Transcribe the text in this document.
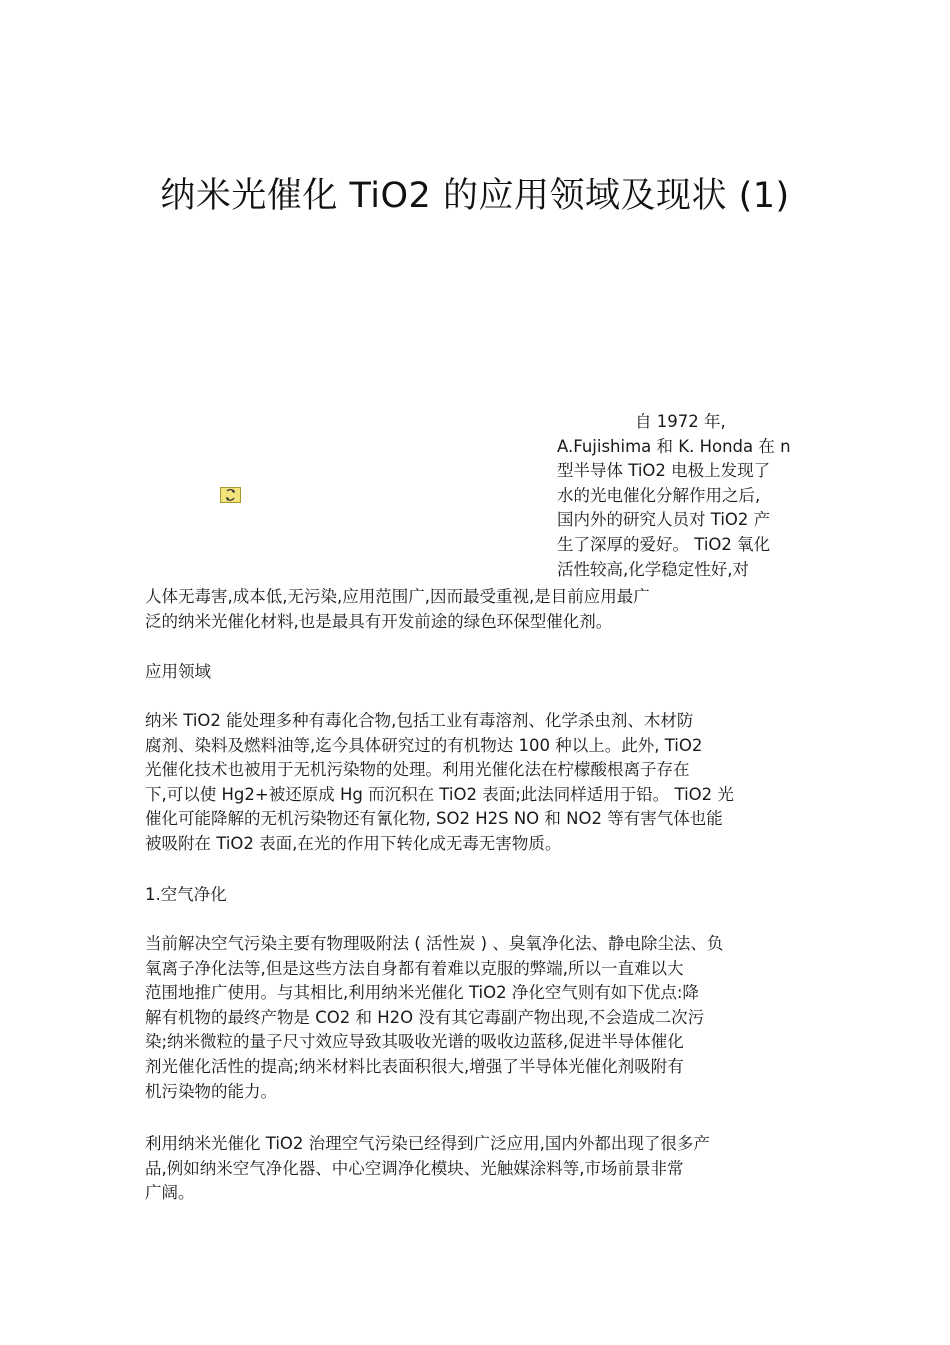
纳米光催化 TiO2 的应用领域及现状 (1)
自 1972 年,
A.Fujishima 和 K. Honda 在 n
型半导体 TiO2 电极上发现了
水的光电催化分解作用之后,
国内外的研究人员对 TiO2 产
生了深厚的爱好。 TiO2 氧化
活性较高,化学稳定性好,对
人体无毒害,成本低,无污染,应用范围广,因而最受重视,是目前应用最广
泛的纳米光催化材料,也是最具有开发前途的绿色环保型催化剂。
应用领域
纳米 TiO2 能处理多种有毒化合物,包括工业有毒溶剂、化学杀虫剂、木材防
腐剂、染料及燃料油等,迄今具体研究过的有机物达 100 种以上。此外, TiO2
光催化技术也被用于无机污染物的处理。利用光催化法在柠檬酸根离子存在
下,可以使 Hg2+被还原成 Hg 而沉积在 TiO2 表面;此法同样适用于铅。 TiO2 光
催化可能降解的无机污染物还有氰化物, SO2 H2S NO 和 NO2 等有害气体也能
被吸附在 TiO2 表面,在光的作用下转化成无毒无害物质。
1.空气净化
当前解决空气污染主要有物理吸附法 ( 活性炭 ) 、臭氧净化法、静电除尘法、负
氧离子净化法等,但是这些方法自身都有着难以克服的弊端,所以一直难以大
范围地推广使用。与其相比,利用纳米光催化 TiO2 净化空气则有如下优点:降
解有机物的最终产物是 CO2 和 H2O 没有其它毒副产物出现,不会造成二次污
染;纳米微粒的量子尺寸效应导致其吸收光谱的吸收边蓝移,促进半导体催化
剂光催化活性的提高;纳米材料比表面积很大,增强了半导体光催化剂吸附有
机污染物的能力。
利用纳米光催化 TiO2 治理空气污染已经得到广泛应用,国内外都出现了很多产
品,例如纳米空气净化器、中心空调净化模块、光触媒涂料等,市场前景非常
广阔。
